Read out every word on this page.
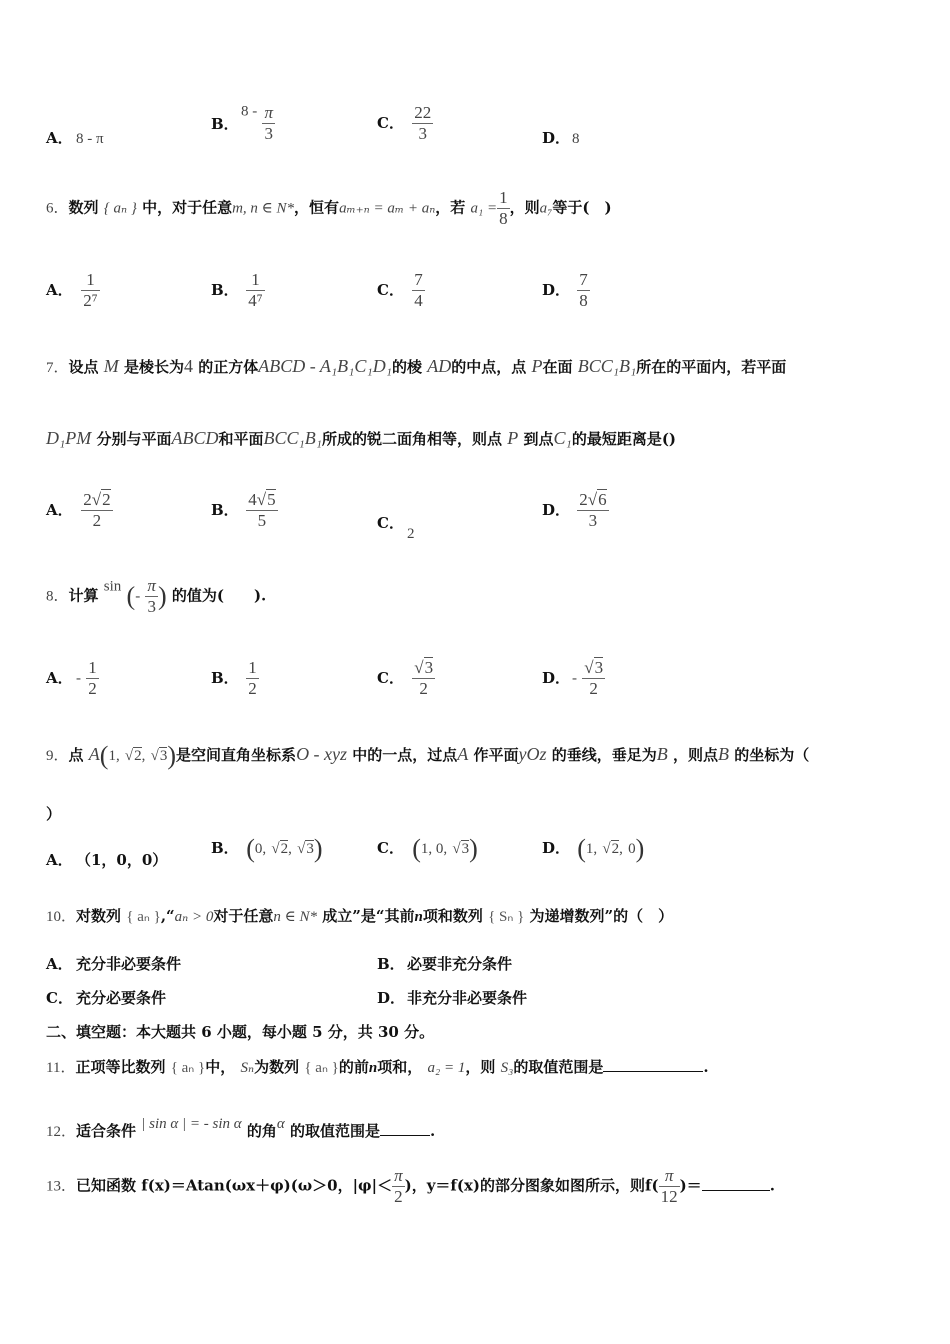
A． 8 - π
B．$8 - \frac{\pi}{3}$	C． $\frac{22}{3}$	D． 8
6．数列 { aₙ } 中，对于任意m, n ∈ N*，恒有aₘ₊ₙ = aₘ + aₙ，若 $a_1 = \frac{1}{8}$ ，则a₇等于(　)
A． $\frac{1}{\text{2⁷}}$	B． $\frac{1}{\text{4⁷}}$	C． $\frac{7}{4}$	D． $\frac{7}{8}$
7．设点 M 是棱长为4 的正方体ABCD - A₁B₁C₁D₁的棱 AD的中点，点 P在面 BCC₁B₁所在的平面内，若平面
D₁PM 分别与平面ABCD和平面BCC₁B₁所成的锐二面角相等，则点 P 到点C₁的最短距离是()
A． $\frac{2√2}{2}$	B． $\frac{4√5}{5}$	C．2
D． $\frac{2√6}{3}$
8．计算 sin (- $\frac{\pi}{3}$ ) 的值为(　　).
A． - $\frac{1}{2}$	B． $\frac{1}{2}$	C． $\frac{√3}{2}$	D． - $\frac{√3}{2}$
9．点 A(1, √2, √3)是空间直角坐标系O - xyz 中的一点，过点A 作平面yOz 的垂线，垂足为B ，则点B 的坐标为（
）
A． （1，0，0）
B． (0, √2, √3)	C． (1, 0, √3)	D． (1, √2, 0)
10．对数列 { aₙ },“aₙ > 0对于任意n ∈ N* 成立”是“其前n项和数列 { Sₙ } 为递增数列”的（　）
A． 充分非必要条件	B． 必要非充分条件
C． 充分必要条件	D． 非充分非必要条件
二、填空题：本大题共 6 小题，每小题 5 分，共 30 分。
11．正项等比数列 { aₙ }中， Sₙ为数列 { aₙ }的前n项和， a₂ = 1，则 S₃的取值范围是	.
12．适合条件 | sin α | = - sin α 的角α 的取值范围是	.
13．已知函数 f(x)＝Atan(ωx＋φ)(ω＞0，$|\varphi|< \frac{\pi}{2}$ )，y＝f(x)的部分图象如图所示，则$f( \frac{\pi}{12}$ )＝	.
